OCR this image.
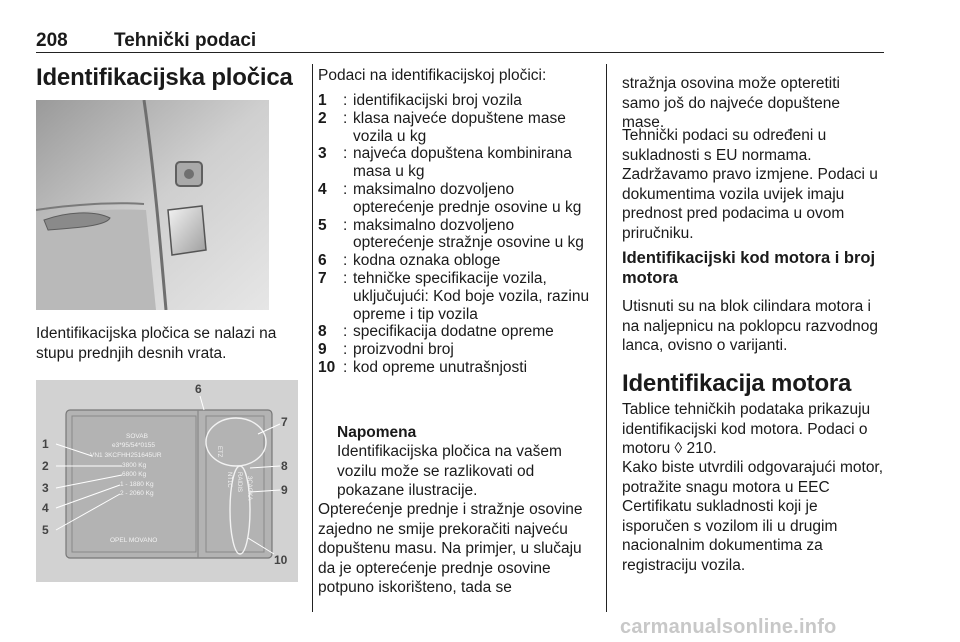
208 Tehnički podaci
Identifikacijska pločica
Identifikacijska pločica se nalazi na stupu prednjih desnih vrata.
SOVAB
e3*95/54*0155
VN1 3KCFHH251645UR
3800 Kg
6800 Kg
1 - 1880 Kg
2 - 2060 Kg
OPEL MOVANO
ETZ
NT1C RAIDIS 3CAGKA
1
2
3
4
5
6
7
8
9
10
Podaci na identifikacijskoj pločici:
1	: identifikacijski broj vozila
2	: klasa najveće dopuštene mase vozila u kg
3	: najveća dopuštena kombinirana masa u kg
4	: maksimalno dozvoljeno opterećenje prednje osovine u kg
5	: maksimalno dozvoljeno opterećenje stražnje osovine u kg
6	: kodna oznaka obloge
7	: tehničke specifikacije vozila, uključujući: Kod boje vozila, razinu opreme i tip vozila
8	: specifikacija dodatne opreme
9	: proizvodni broj
10 : kod opreme unutrašnjosti
Napomena
Identifikacijska pločica na vašem vozilu može se razlikovati od pokazane ilustracije.
Opterećenje prednje i stražnje osovine zajedno ne smije prekoračiti najveću dopuštenu masu. Na primjer, u slučaju da je opterećenje prednje osovine potpuno iskorišteno, tada se
stražnja osovina može opteretiti samo još do najveće dopuštene mase.
Tehnički podaci su određeni u sukladnosti s EU normama. Zadržavamo pravo izmjene. Podaci u dokumentima vozila uvijek imaju prednost pred podacima u ovom priručniku.
Identifikacijski kod motora i broj motora
Utisnuti su na blok cilindara motora i na naljepnicu na poklopcu razvodnog lanca, ovisno o varijanti.
Identifikacija motora
Tablice tehničkih podataka prikazuju identifikacijski kod motora. Podaci o motoru ◊ 210.
Kako biste utvrdili odgovarajući motor, potražite snagu motora u EEC Certifikatu sukladnosti koji je isporučen s vozilom ili u drugim nacionalnim dokumentima za registraciju vozila.
carmanualsonline.info
